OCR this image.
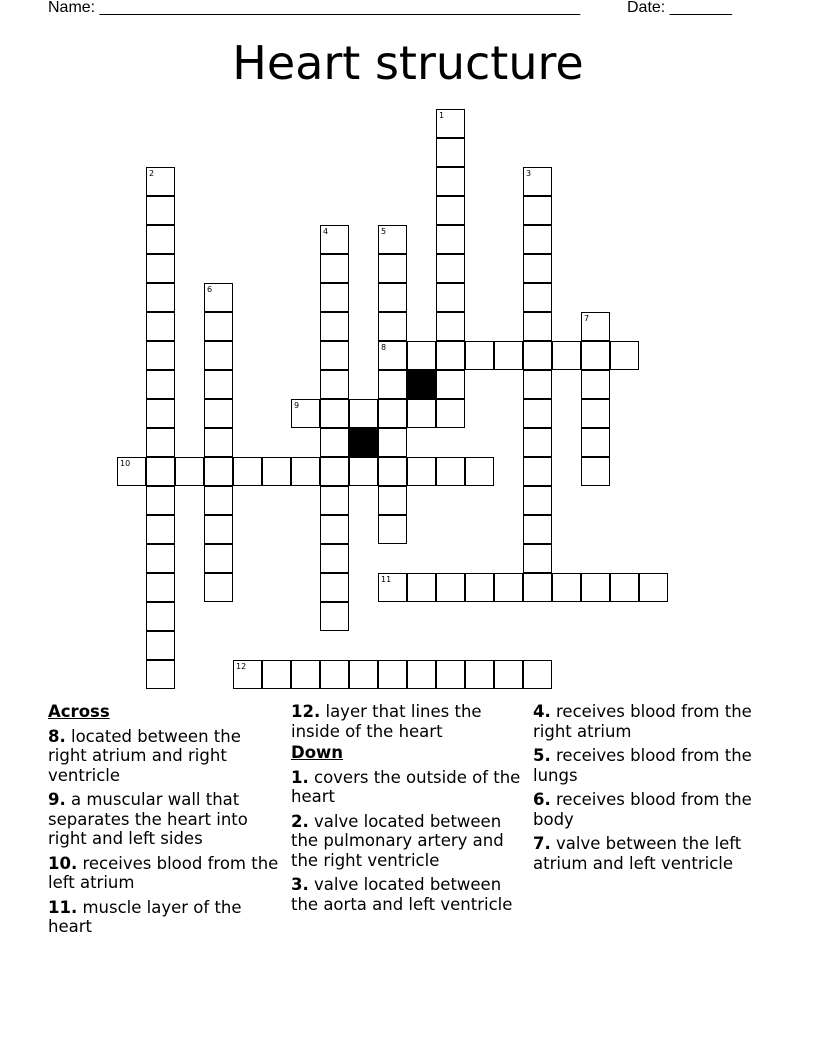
Name: ______________________________________________________	Date: _______
Heart structure
1
2	3
4	5
8
6
7
9
10
11
12
Across
8. located between the right atrium and right ventricle
9. a muscular wall that separates the heart into right and left sides
10. receives blood from the left atrium
11. muscle layer of the heart
12. layer that lines the inside of the heart
Down
1. covers the outside of the heart
2. valve located between the pulmonary artery and the right ventricle
3. valve located between the aorta and left ventricle
4. receives blood from the right atrium
5. receives blood from the lungs
6. receives blood from the body
7. valve between the left atrium and left ventricle
